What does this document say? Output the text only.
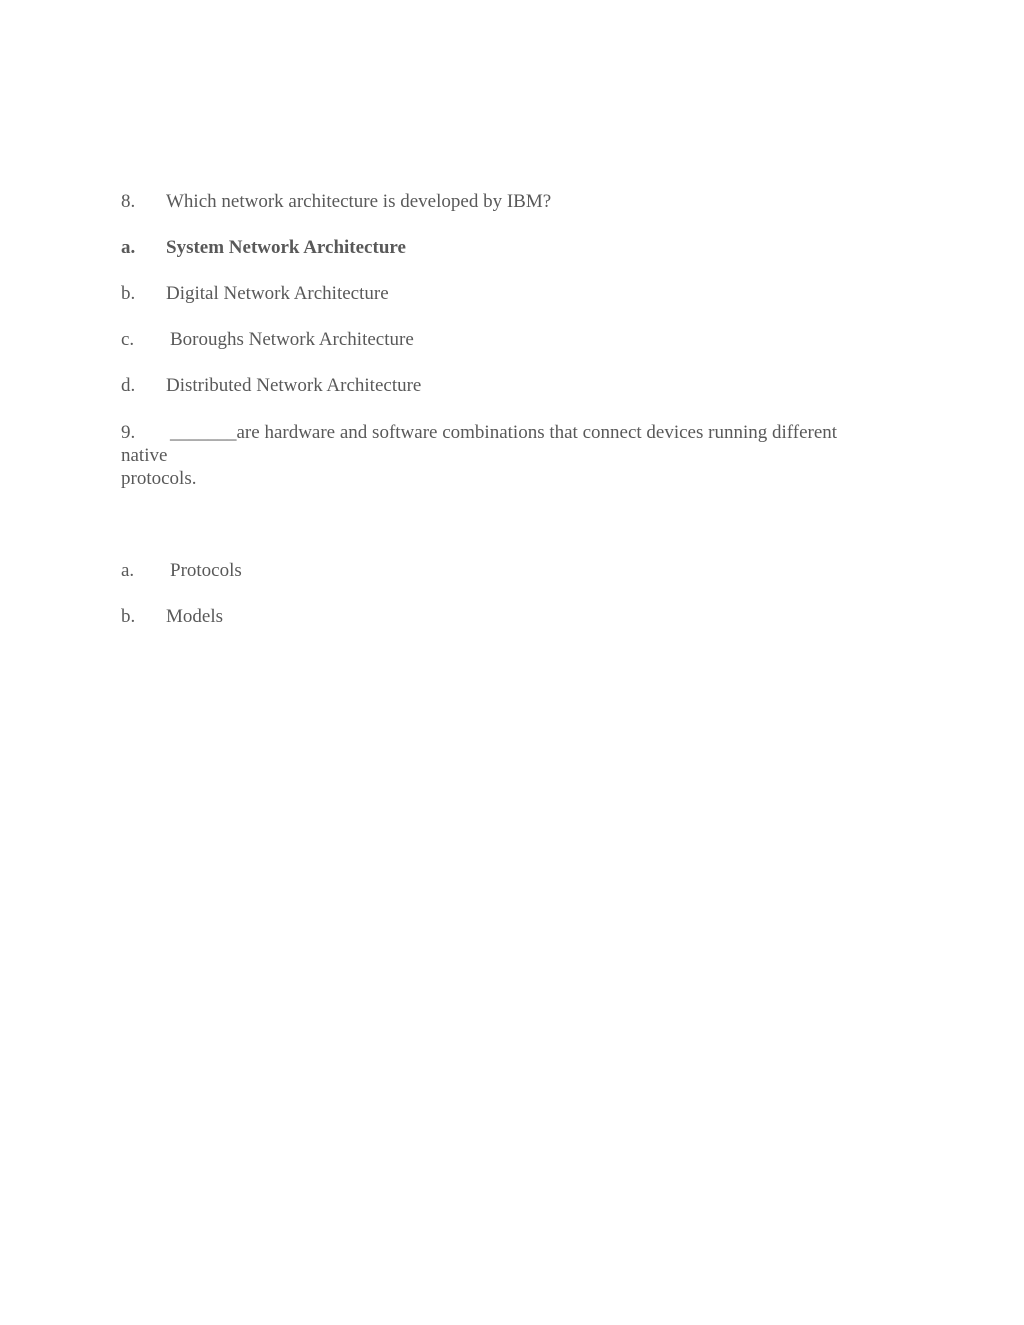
8. Which network architecture is developed by IBM?
a. System Network Architecture
b. Digital Network Architecture
c. Boroughs Network Architecture
d. Distributed Network Architecture
9. _______are hardware and software combinations that connect devices running different
native
protocols.
a. Protocols
b. Models
